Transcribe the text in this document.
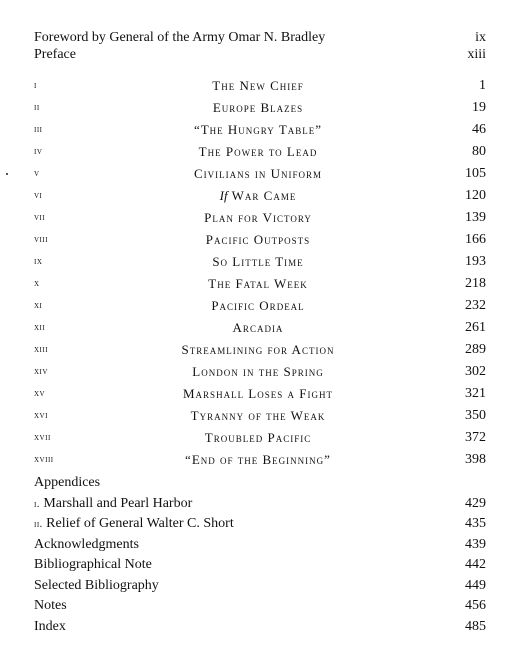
Foreword by General of the Army Omar N. Bradley	ix
Preface	xiii
i	The New Chief	1
ii	Europe Blazes	19
iii	“The Hungry Table”	46
iv	The Power to Lead	80
v	Civilians in Uniform	105
vi	If War Came	120
vii	Plan for Victory	139
viii	Pacific Outposts	166
ix	So Little Time	193
x	The Fatal Week	218
xi	Pacific Ordeal	232
xii	Arcadia	261
xiii	Streamlining for Action	289
xiv	London in the Spring	302
xv	Marshall Loses a Fight	321
xvi	Tyranny of the Weak	350
xvii	Troubled Pacific	372
xviii	“End of the Beginning”	398
Appendices
i. Marshall and Pearl Harbor	429
ii. Relief of General Walter C. Short	435
Acknowledgments	439
Bibliographical Note	442
Selected Bibliography	449
Notes	456
Index	485
